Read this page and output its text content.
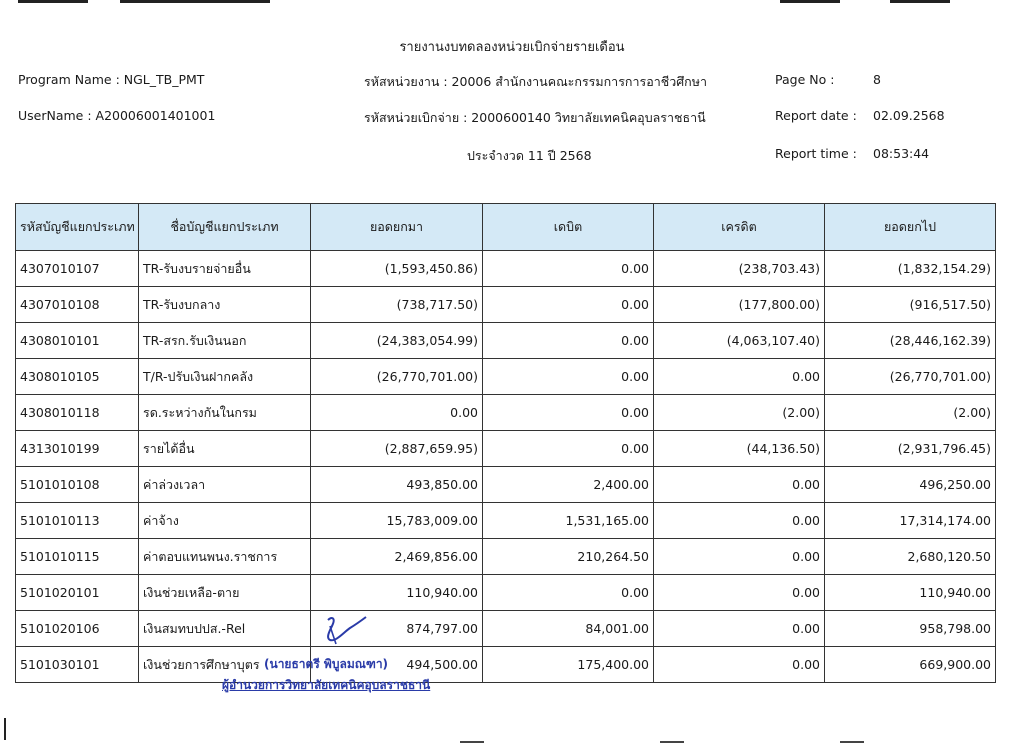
รายงานงบทดลองหน่วยเบิกจ่ายรายเดือน
Program Name : NGL_TB_PMT
UserName : A20006001401001
รหัสหน่วยงาน : 20006 สำนักงานคณะกรรมการการอาชีวศึกษา
รหัสหน่วยเบิกจ่าย : 2000600140 วิทยาลัยเทคนิคอุบลราชธานี
ประจำงวด 11 ปี 2568
Page No :	8
Report date : 02.09.2568
Report time : 08:53:44
รหัสบัญชีแยกประเภท	ชื่อบัญชีแยกประเภท	ยอดยกมา	เดบิต	เครดิต	ยอดยกไป
4307010107	TR-รับงบรายจ่ายอื่น	(1,593,450.86)	0.00	(238,703.43)	(1,832,154.29)
4307010108	TR-รับงบกลาง	(738,717.50)	0.00	(177,800.00)	(916,517.50)
4308010101	TR-สรก.รับเงินนอก	(24,383,054.99)	0.00	(4,063,107.40)	(28,446,162.39)
4308010105	T/R-ปรับเงินฝากคลัง	(26,770,701.00)	0.00	0.00	(26,770,701.00)
4308010118	รด.ระหว่างกันในกรม	0.00	0.00	(2.00)	(2.00)
4313010199	รายได้อื่น	(2,887,659.95)	0.00	(44,136.50)	(2,931,796.45)
5101010108	ค่าล่วงเวลา	493,850.00	2,400.00	0.00	496,250.00
5101010113	ค่าจ้าง	15,783,009.00	1,531,165.00	0.00	17,314,174.00
5101010115	ค่าตอบแทนพนง.ราชการ	2,469,856.00	210,264.50	0.00	2,680,120.50
5101020101	เงินช่วยเหลือ-ตาย	110,940.00	0.00	0.00	110,940.00
5101020106	เงินสมทบปปส.-Rel	874,797.00	84,001.00	0.00	958,798.00
5101030101	เงินช่วยการศึกษาบุตร	494,500.00	175,400.00	0.00	669,900.00
(นายธาตรี พิบูลมณฑา)
ผู้อำนวยการวิทยาลัยเทคนิคอุบลราชธานี
